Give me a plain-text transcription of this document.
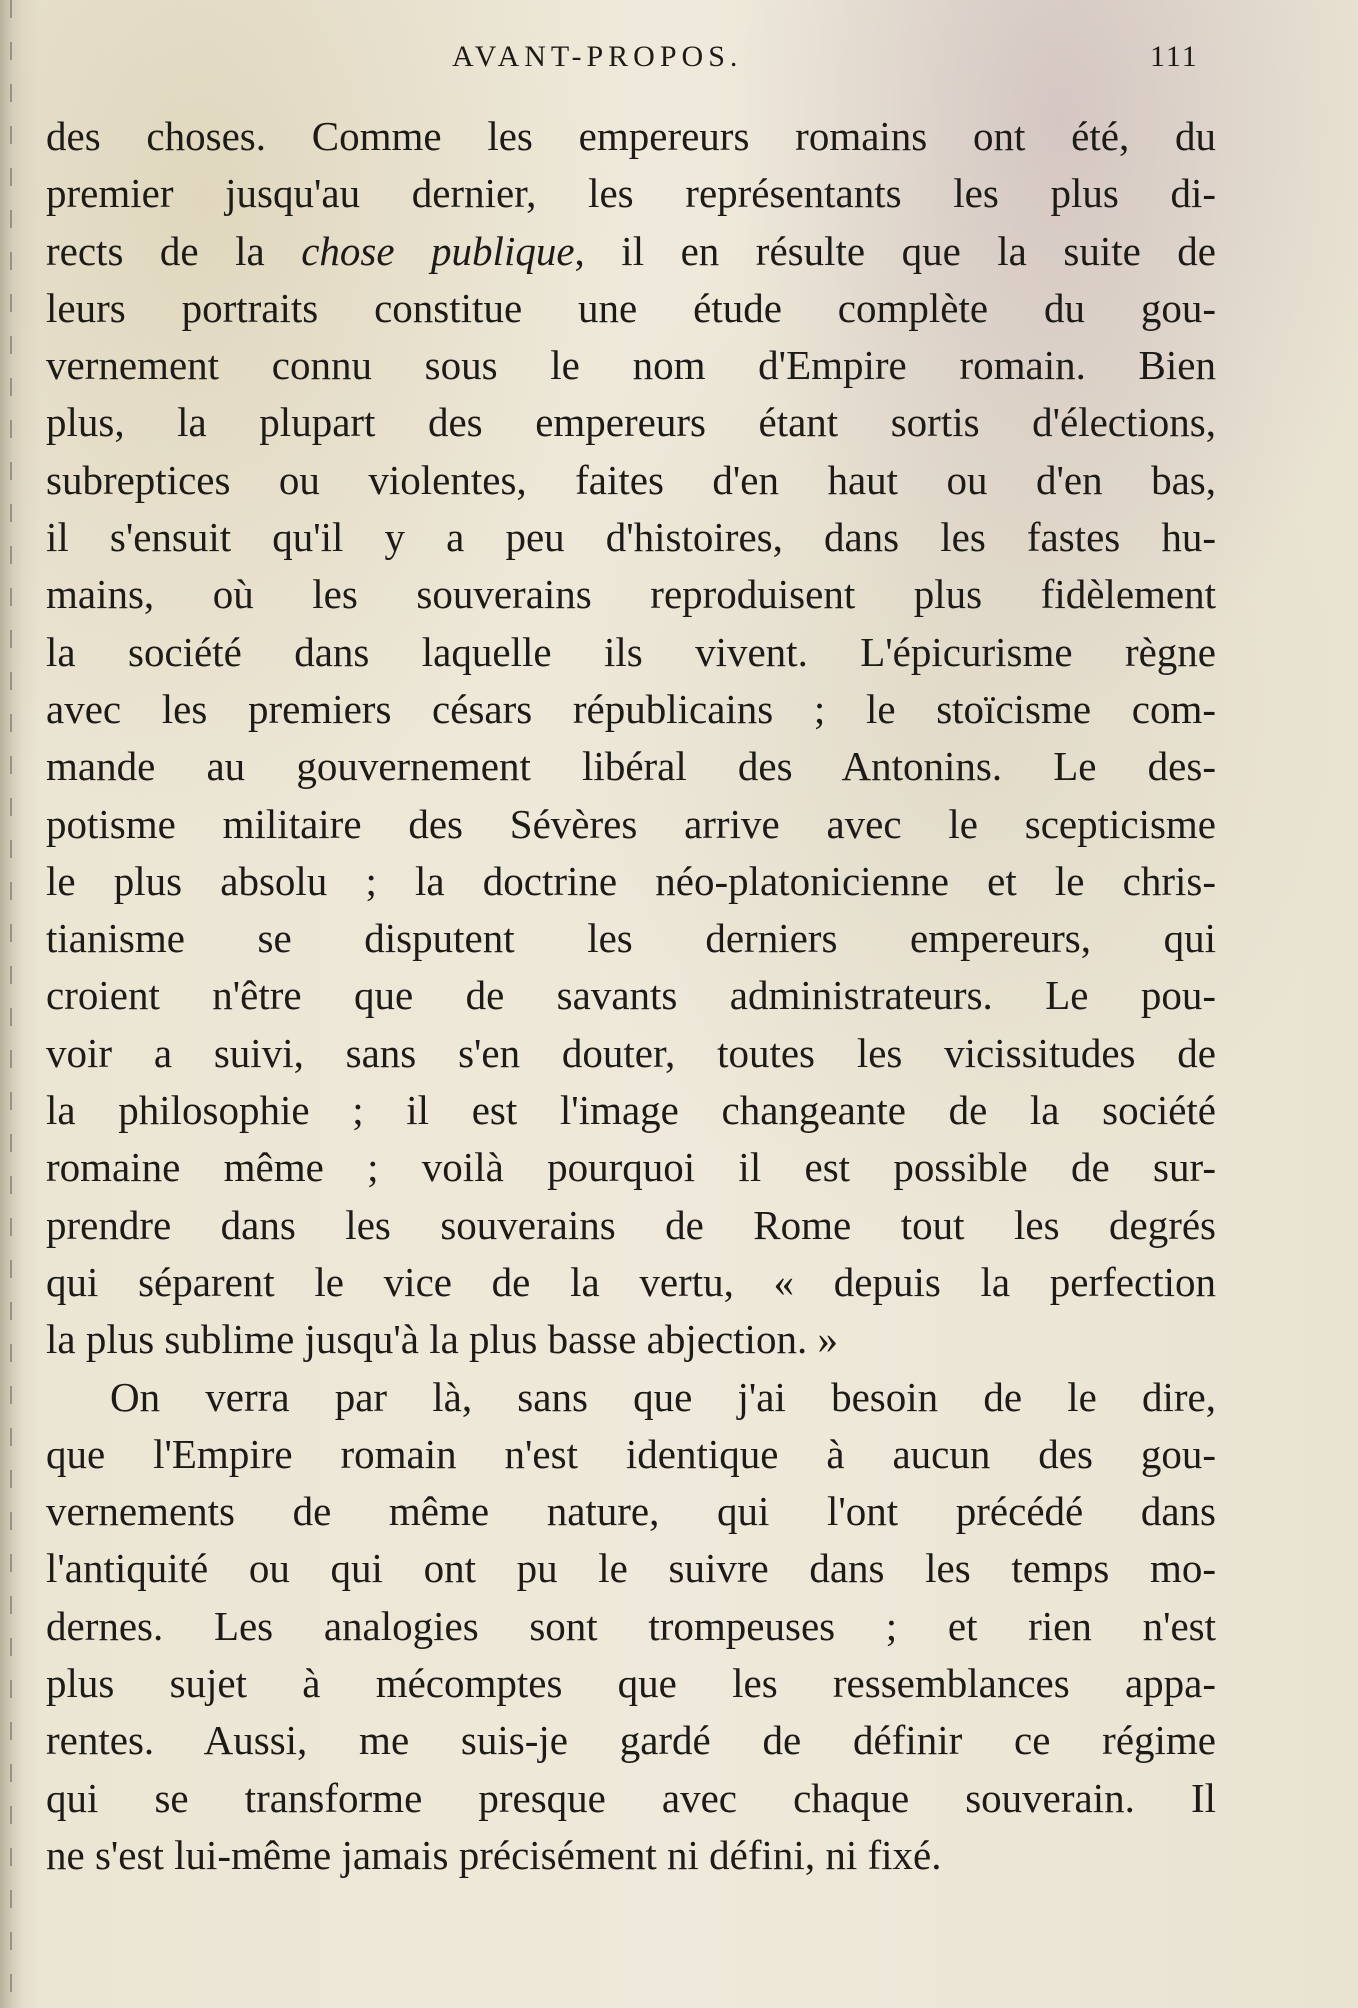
AVANT-PROPOS.	111
des choses. Comme les empereurs romains ont été, du
premier jusqu'au dernier, les représentants les plus di-
rects de la chose publique, il en résulte que la suite de
leurs portraits constitue une étude complète du gou-
vernement connu sous le nom d'Empire romain. Bien
plus, la plupart des empereurs étant sortis d'élections,
subreptices ou violentes, faites d'en haut ou d'en bas,
il s'ensuit qu'il y a peu d'histoires, dans les fastes hu-
mains, où les souverains reproduisent plus fidèlement
la société dans laquelle ils vivent. L'épicurisme règne
avec les premiers césars républicains ; le stoïcisme com-
mande au gouvernement libéral des Antonins. Le des-
potisme militaire des Sévères arrive avec le scepticisme
le plus absolu ; la doctrine néo-platonicienne et le chris-
tianisme se disputent les derniers empereurs, qui
croient n'être que de savants administrateurs. Le pou-
voir a suivi, sans s'en douter, toutes les vicissitudes de
la philosophie ; il est l'image changeante de la société
romaine même ; voilà pourquoi il est possible de sur-
prendre dans les souverains de Rome tout les degrés
qui séparent le vice de la vertu, « depuis la perfection
la plus sublime jusqu'à la plus basse abjection. »
On verra par là, sans que j'ai besoin de le dire,
que l'Empire romain n'est identique à aucun des gou-
vernements de même nature, qui l'ont précédé dans
l'antiquité ou qui ont pu le suivre dans les temps mo-
dernes. Les analogies sont trompeuses ; et rien n'est
plus sujet à mécomptes que les ressemblances appa-
rentes. Aussi, me suis-je gardé de définir ce régime
qui se transforme presque avec chaque souverain. Il
ne s'est lui-même jamais précisément ni défini, ni fixé.
